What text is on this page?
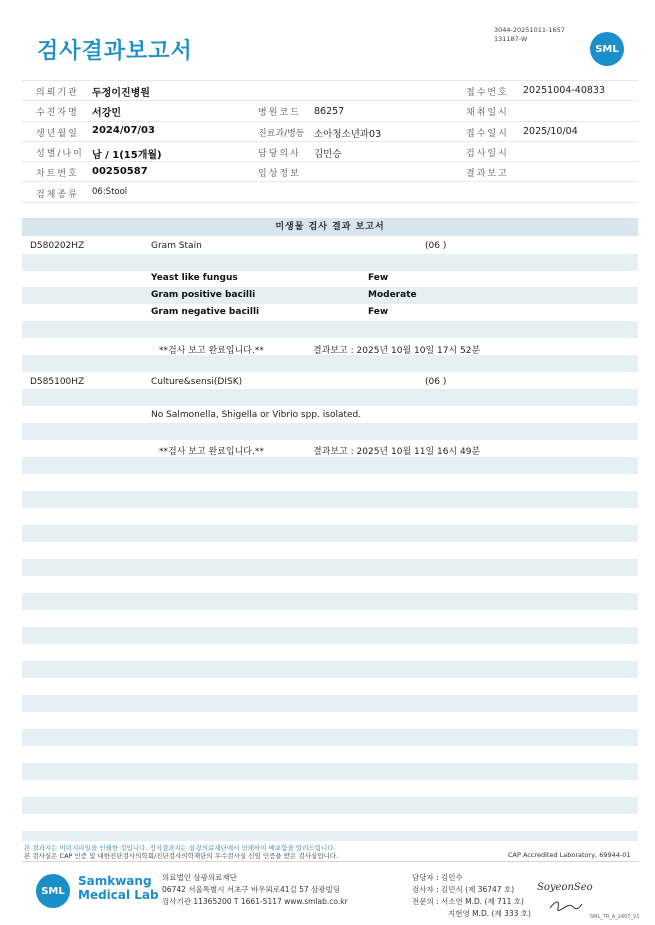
검사결과보고서
3044-20251011-1657
131187-W
SML
의뢰기관 두정이진병원	접수번호 20251004-40833
수진자명 서강민	병원코드 86257	채취일시
생년월일 2024/07/03	진료과/병동 소아청소년과03	접수일시 2025/10/04
성별/나이 남 / 1(15개월)	담당의사 김민승	검사일시
차트번호 00250587	임상정보	결과보고
검체종류 06:Stool
미생물 검사 결과 보고서
D580202HZ	Gram Stain	(06 )
Yeast like fungus	Few
Gram positive bacilli	Moderate
Gram negative bacilli	Few
**검사 보고 완료입니다.**	결과보고 : 2025년 10월 10일 17시 52분
D585100HZ	Culture&sensi(DISK)	(06 )
No Salmonella, Shigella or Vibrio spp. isolated.
**검사 보고 완료입니다.**	결과보고 : 2025년 10월 11일 16시 49분
본 결과지는 이미지파일을 인쇄한 것입니다. 정식결과지는 삼광의료재단에서 인쇄하여 배포함을 알려드립니다.
본 검사실은 CAP 인증 및 대한진단검사의학회/진단검사의학재단의 우수검사실 신임 인증을 받은 검사실입니다.	CAP Accredited Laboratory, 69944-01
SML
Samkwang
Medical Lab
의료법인 삼광의료재단
06742 서울특별시 서초구 바우뫼로41길 57 삼광빌딩
검사기관 11365200 T 1661-5117 www.smlab.co.kr
담당자 : 김민수
검사자 : 김민식 (제 36747 호)
전문의 : 서소연 M.D. (제 711 호)
지현영 M.D. (제 333 호)
SoyeonSeo
SML_TR_A_2407_V1
